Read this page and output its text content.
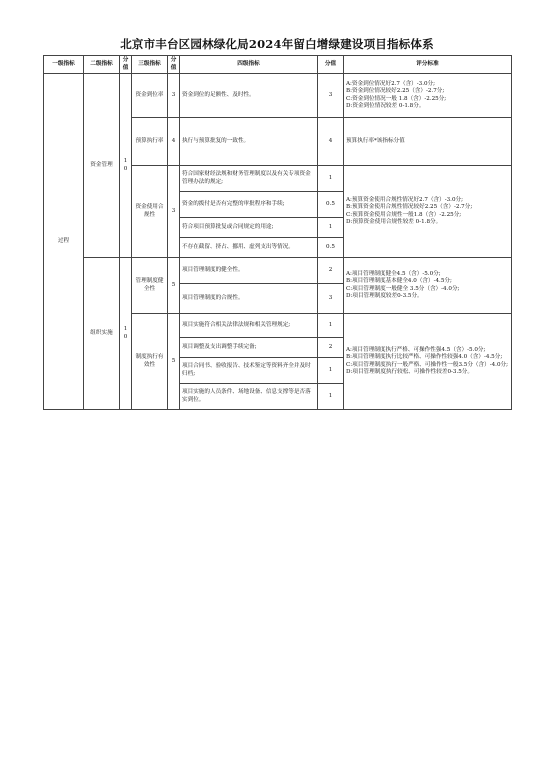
北京市丰台区园林绿化局2024年留白增绿建设项目指标体系
一级指标	二级指标	分值	三级指标	分值	四级指标	分值	评分标准
过程	资金管理	10	资金到位率	3	资金到位的足额性、及时性。	3	A:资金到位情况好2.7（含）-3.0分;
B:资金到位情况较好2.25（含）-2.7分;
C:资金到位情况一般 1.8（含）-2.25分;
D:资金到位情况较差 0-1.8分。
			预算执行率	4	执行与预算批复的一致性。	4	预算执行率*该指标分值
			资金使用合规性	3	符合国家财经法规和财务管理制度以及有关专项资金管理办法的规定;	1	A:预算资金使用合规性情况好2.7（含）-3.0分;
B:预算资金使用合规性情况较好2.25（含）-2.7分;
C:预算资金使用合规性一般1.8（含）-2.25分;
D:预算资金使用合规性较差 0-1.8分。
					资金的拨付是否有完整的审批程序和手续;	0.5	
					符合项目预算批复或合同规定的用途;	1	
					不存在截留、挤占、挪用、虚列支出等情况。	0.5	
	组织实施	10	管理制度健全性	5	项目管理制度的健全性。	2	A:项目管理制度健全4.5（含）-5.0分;
B:项目管理制度基本健全4.0（含）-4.5分;
C:项目管理制度一般健全 3.5分（含）-4.0分;
D:项目管理制度较差0-3.5分。
					项目管理制度的合规性。	3	
			制度执行有效性	5	项目实施符合相关法律法规和相关管理规定;	1	A:项目管理制度执行严格、可操作性强4.5（含）-5.0分;
B:项目管理制度执行比较严格、可操作性较强4.0（含）-4.5分;
C:项目管理制度执行一般严格、可操作性一般3.5分（含）-4.0分;
D:项目管理制度执行较松、可操作性较差0-3.5分。
					项目调整及支出调整手续完备;	2	
					项目合同书、验收报告、技术鉴定等资料齐全并及时归档;	1	
					项目实施的人员条件、场地设备、信息支撑等是否落实到位。	1	
